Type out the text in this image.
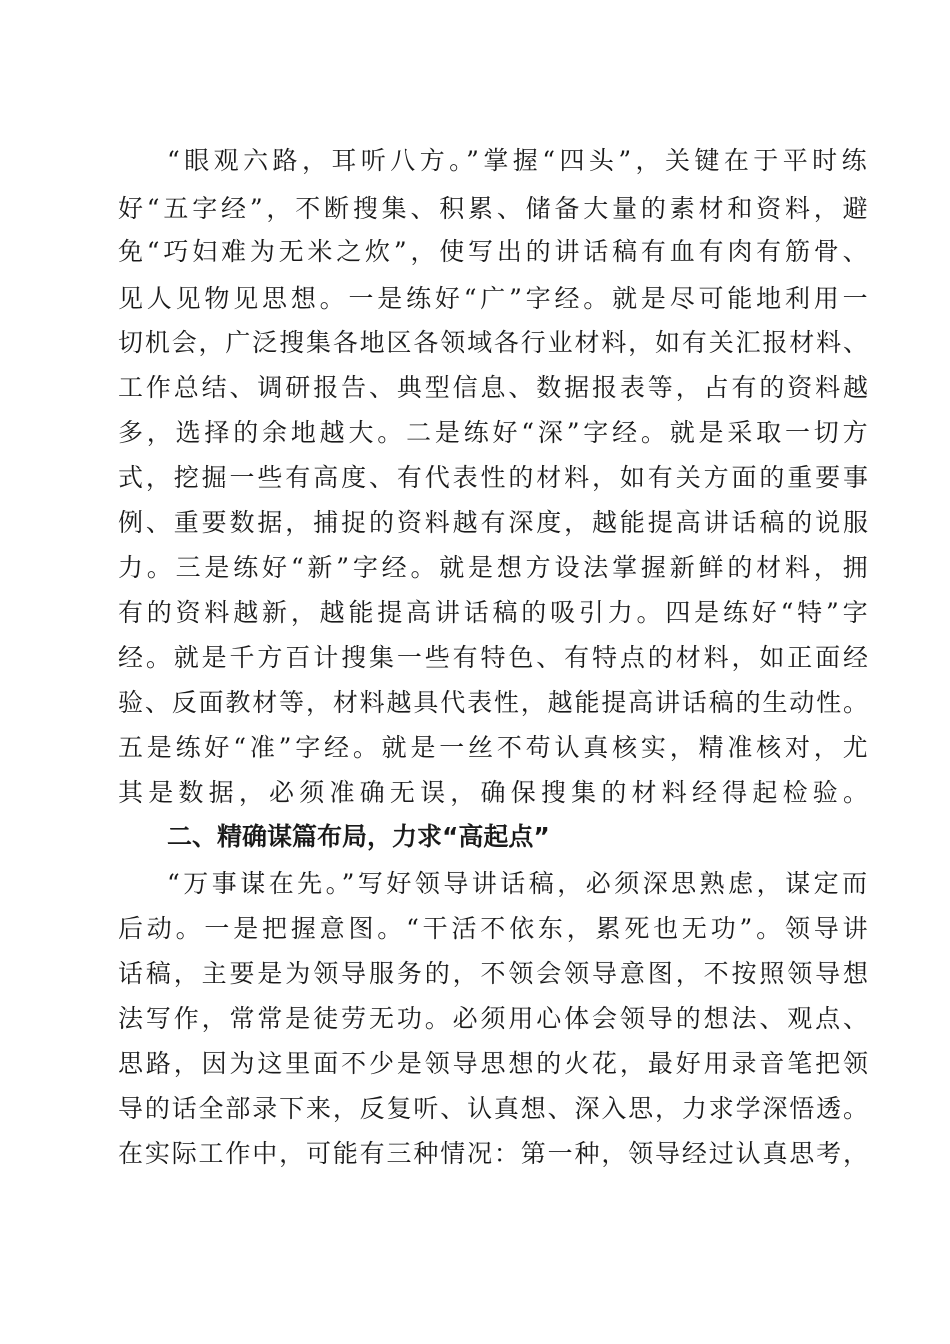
“眼观六路，耳听八方。”掌握“四头”，关键在于平时练
好“五字经”，不断搜集、积累、储备大量的素材和资料，避
免“巧妇难为无米之炊”，使写出的讲话稿有血有肉有筋骨、
见人见物见思想。一是练好“广”字经。就是尽可能地利用一
切机会，广泛搜集各地区各领域各行业材料，如有关汇报材料、
工作总结、调研报告、典型信息、数据报表等，占有的资料越
多，选择的余地越大。二是练好“深”字经。就是采取一切方
式，挖掘一些有高度、有代表性的材料，如有关方面的重要事
例、重要数据，捕捉的资料越有深度，越能提高讲话稿的说服
力。三是练好“新”字经。就是想方设法掌握新鲜的材料，拥
有的资料越新，越能提高讲话稿的吸引力。四是练好“特”字
经。就是千方百计搜集一些有特色、有特点的材料，如正面经
验、反面教材等，材料越具代表性，越能提高讲话稿的生动性。
五是练好“准”字经。就是一丝不苟认真核实，精准核对，尤
其是数据，必须准确无误，确保搜集的材料经得起检验。
二、精确谋篇布局，力求“高起点”
“万事谋在先。”写好领导讲话稿，必须深思熟虑，谋定而
后动。一是把握意图。“干活不依东，累死也无功”。领导讲
话稿，主要是为领导服务的，不领会领导意图，不按照领导想
法写作，常常是徒劳无功。必须用心体会领导的想法、观点、
思路，因为这里面不少是领导思想的火花，最好用录音笔把领
导的话全部录下来，反复听、认真想、深入思，力求学深悟透。
在实际工作中，可能有三种情况：第一种，领导经过认真思考，
